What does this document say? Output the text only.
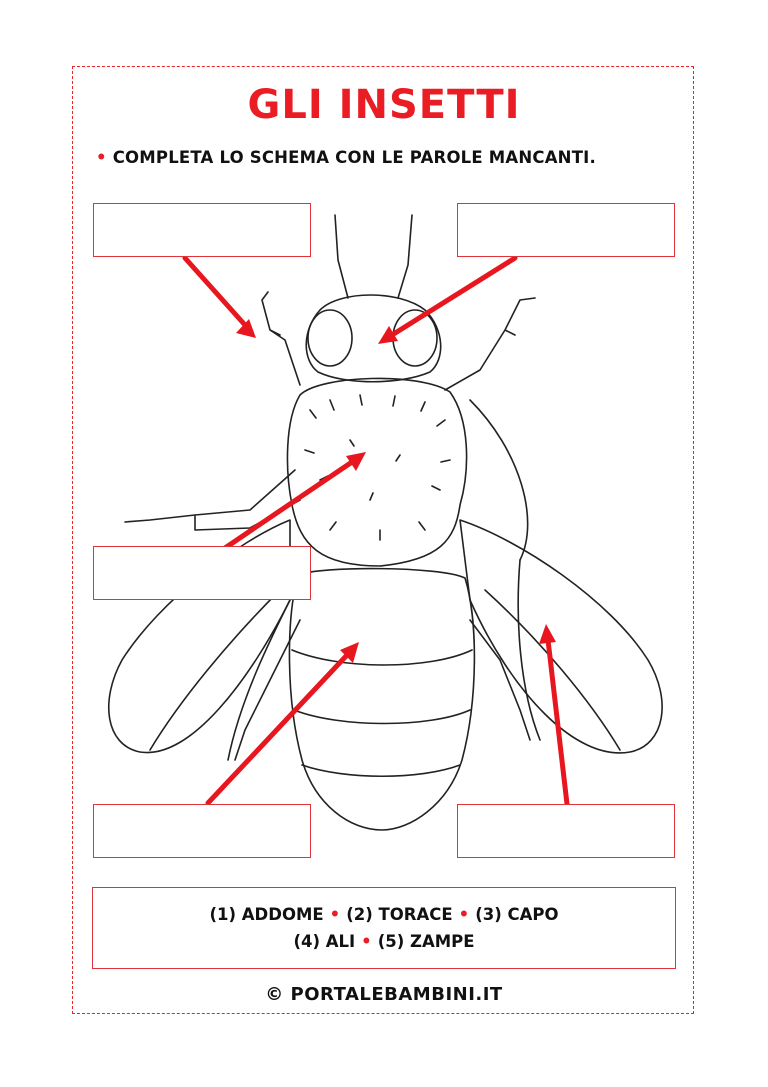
GLI INSETTI
• COMPLETA LO SCHEMA CON LE PAROLE MANCANTI.
(1) ADDOME • (2) TORACE • (3) CAPO
(4) ALI • (5) ZAMPE
© PORTALEBAMBINI.IT
